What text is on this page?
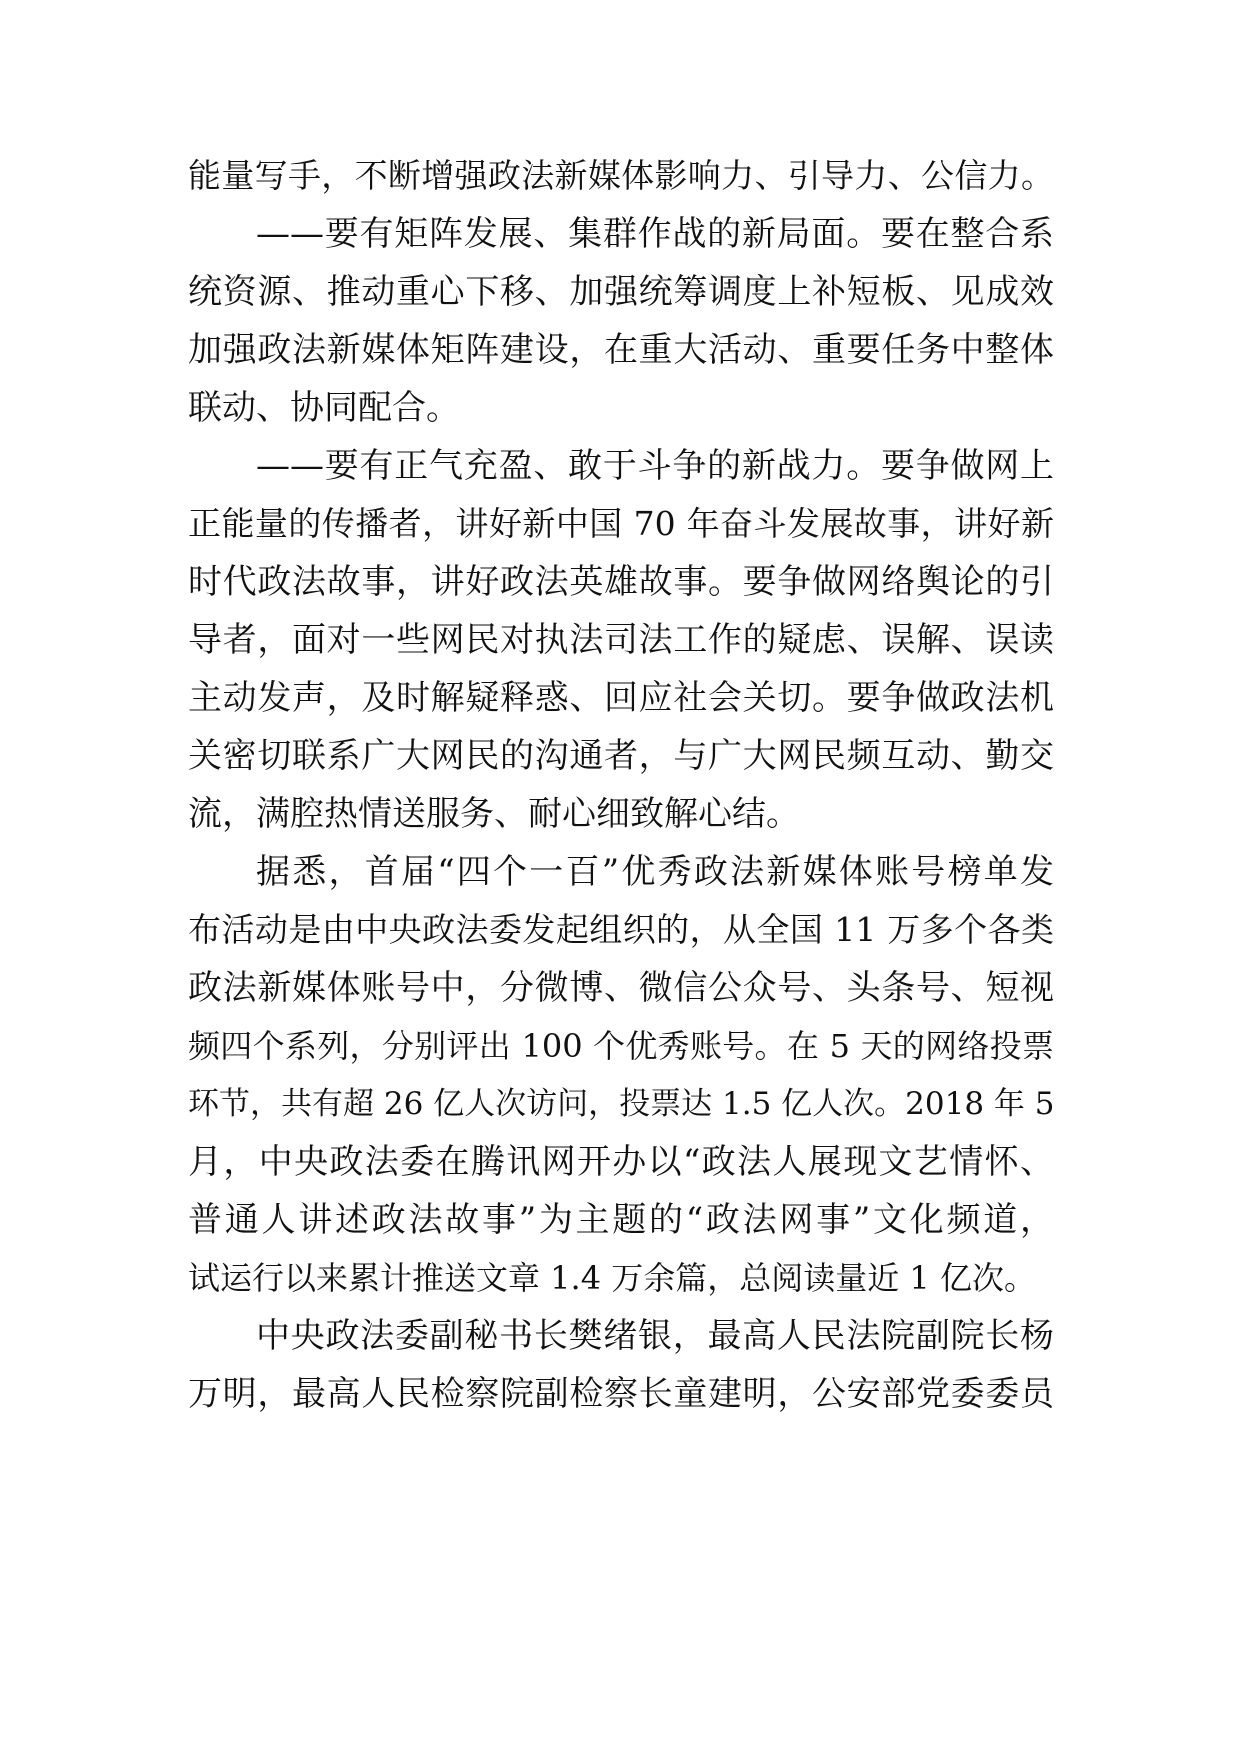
能量写手，不断增强政法新媒体影响力、引导力、公信力。
——要有矩阵发展、集群作战的新局面。要在整合系
统资源、推动重心下移、加强统筹调度上补短板、见成效
加强政法新媒体矩阵建设，在重大活动、重要任务中整体
联动、协同配合。
——要有正气充盈、敢于斗争的新战力。要争做网上
正能量的传播者，讲好新中国 70 年奋斗发展故事，讲好新
时代政法故事，讲好政法英雄故事。要争做网络舆论的引
导者，面对一些网民对执法司法工作的疑虑、误解、误读
主动发声，及时解疑释惑、回应社会关切。要争做政法机
关密切联系广大网民的沟通者，与广大网民频互动、勤交
流，满腔热情送服务、耐心细致解心结。
据悉，首届“四个一百”优秀政法新媒体账号榜单发
布活动是由中央政法委发起组织的，从全国 11 万多个各类
政法新媒体账号中，分微博、微信公众号、头条号、短视
频四个系列，分别评出 100 个优秀账号。在 5 天的网络投票
环节，共有超 26 亿人次访问，投票达 1.5 亿人次。2018 年 5
月，中央政法委在腾讯网开办以“政法人展现文艺情怀、
普通人讲述政法故事”为主题的“政法网事”文化频道，
试运行以来累计推送文章 1.4 万余篇，总阅读量近 1 亿次。
中央政法委副秘书长樊绪银，最高人民法院副院长杨
万明，最高人民检察院副检察长童建明，公安部党委委员
